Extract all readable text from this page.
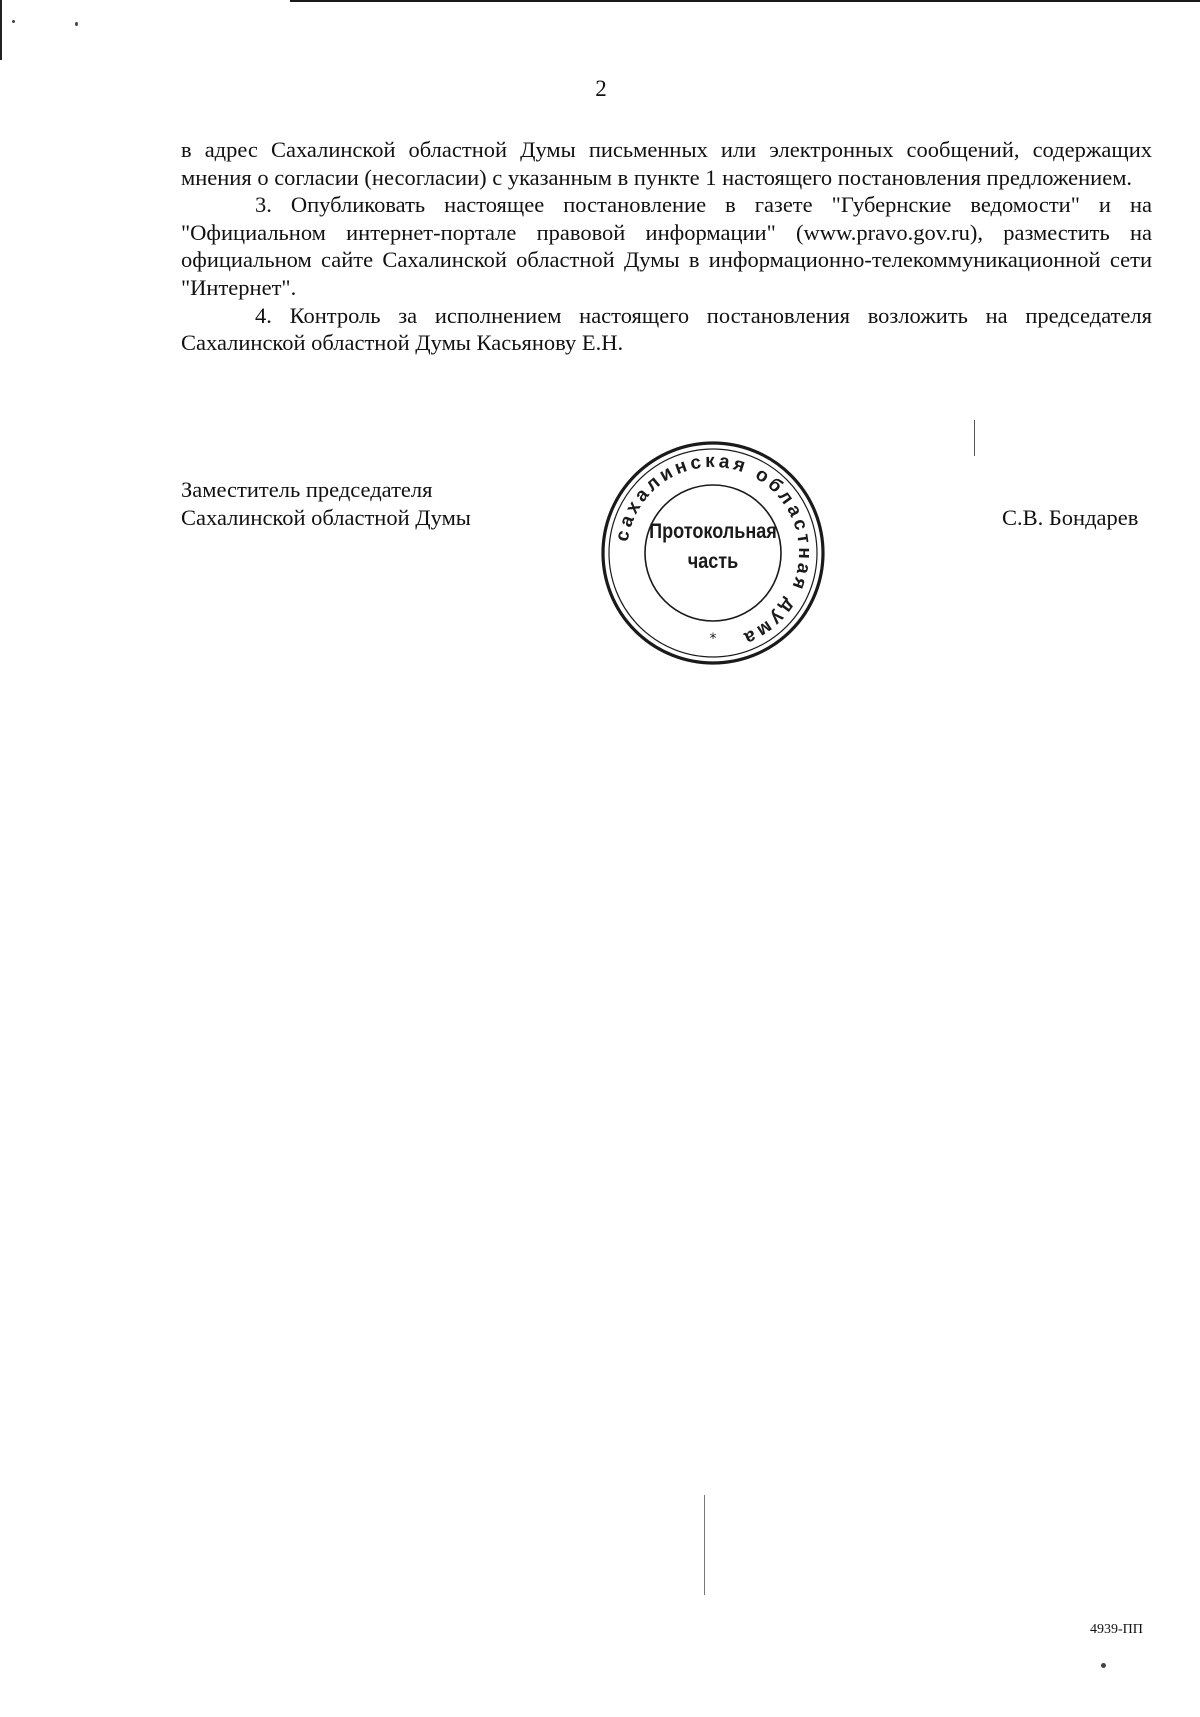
2

в адрес Сахалинской областной Думы письменных или электронных сообщений, содержащих мнения о согласии (несогласии) с указанным в пункте 1 настоящего постановления предложением.

3. Опубликовать настоящее постановление в газете "Губернские ведомости" и на "Официальном интернет-портале правовой информации" (www.pravo.gov.ru), разместить на официальном сайте Сахалинской областной Думы в информационно-телекоммуникационной сети "Интернет".

4. Контроль за исполнением настоящего постановления возложить на председателя Сахалинской областной Думы Касьянову Е.Н.

Заместитель председателя
Сахалинской областной Думы	С.В. Бондарев
сахалинская областная дума
*
Протокольная
часть
4939-ПП
